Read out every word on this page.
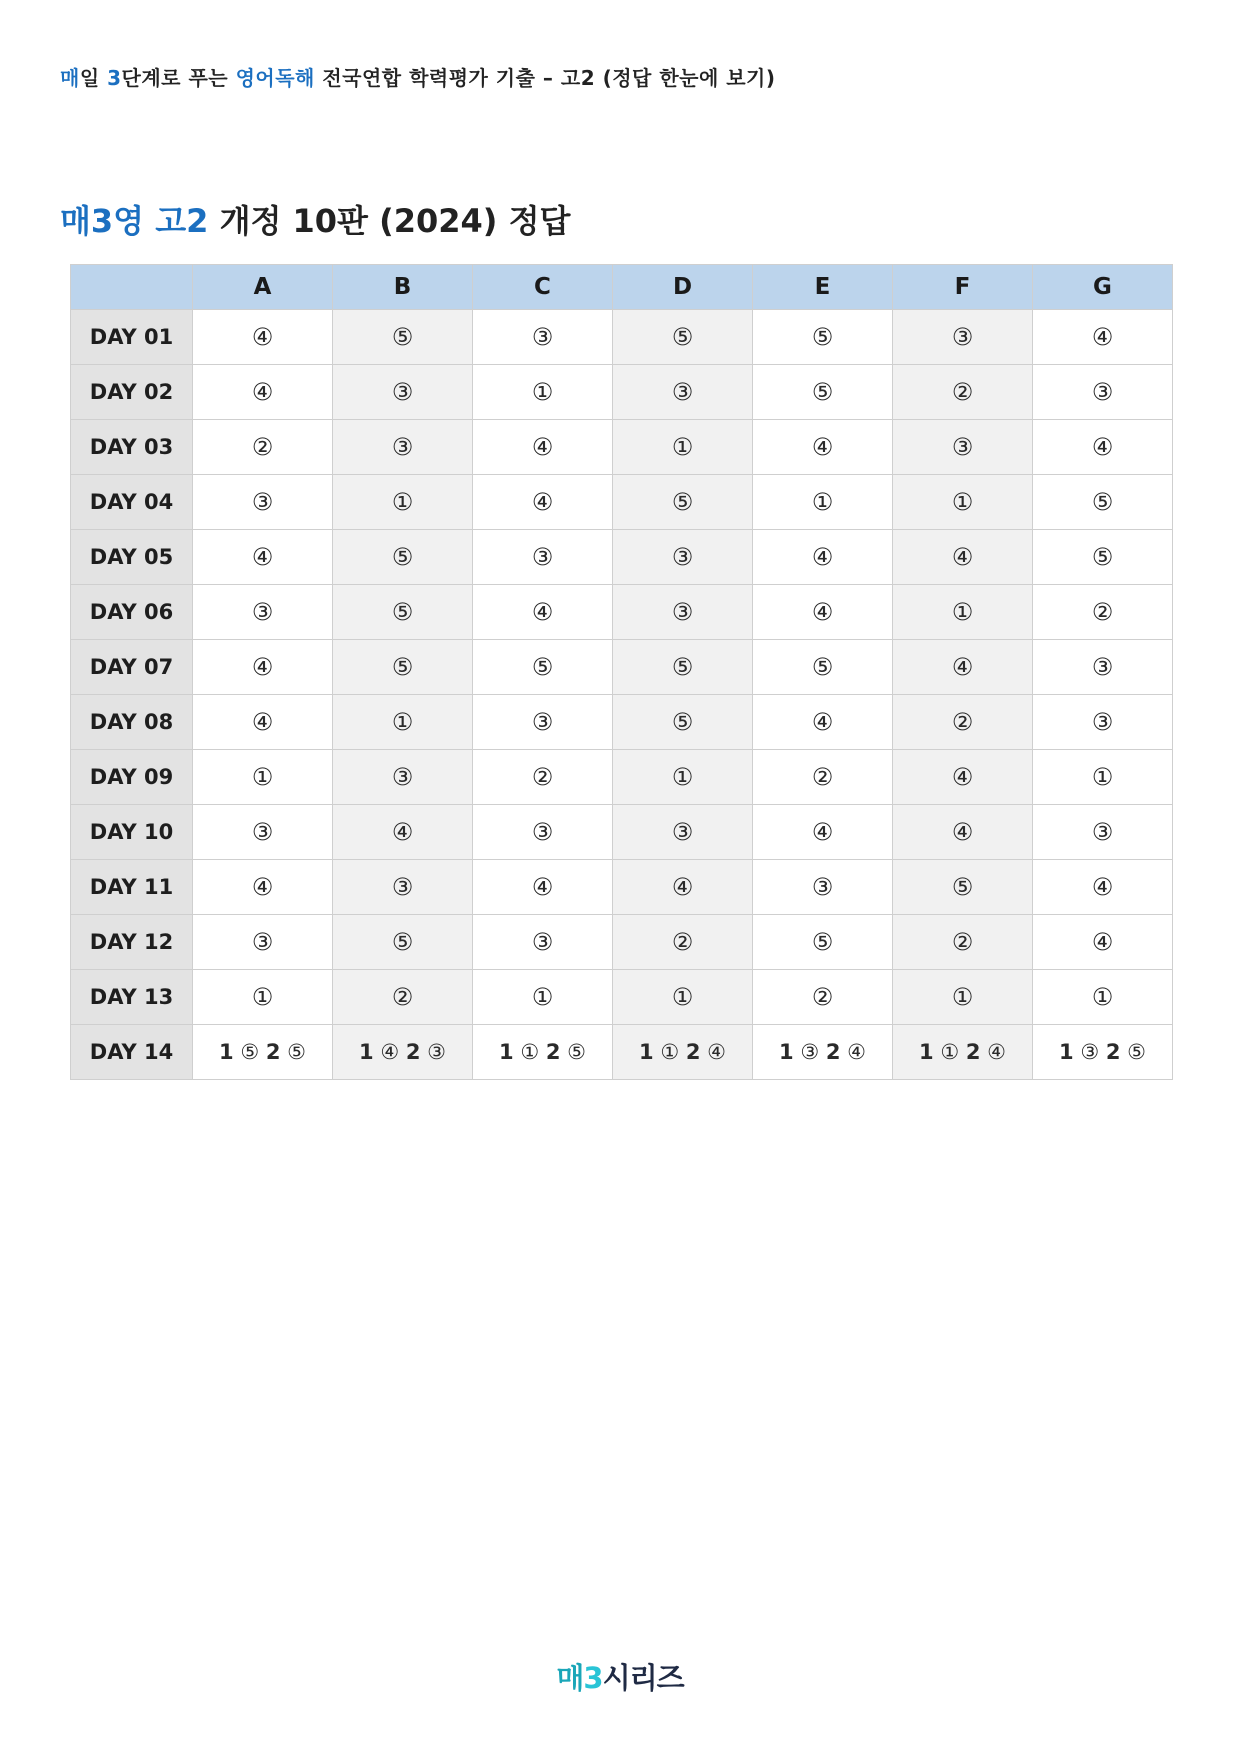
매일 3단계로 푸는 영어독해 전국연합 학력평가 기출 – 고2 (정답 한눈에 보기)
매3영 고2 개정 10판 (2024) 정답
	A	B	C	D	E	F	G
DAY 01	④	⑤	③	⑤	⑤	③	④
DAY 02	④	③	①	③	⑤	②	③
DAY 03	②	③	④	①	④	③	④
DAY 04	③	①	④	⑤	①	①	⑤
DAY 05	④	⑤	③	③	④	④	⑤
DAY 06	③	⑤	④	③	④	①	②
DAY 07	④	⑤	⑤	⑤	⑤	④	③
DAY 08	④	①	③	⑤	④	②	③
DAY 09	①	③	②	①	②	④	①
DAY 10	③	④	③	③	④	④	③
DAY 11	④	③	④	④	③	⑤	④
DAY 12	③	⑤	③	②	⑤	②	④
DAY 13	①	②	①	①	②	①	①
DAY 14	1 ⑤ 2 ⑤	1 ④ 2 ③	1 ① 2 ⑤	1 ① 2 ④	1 ③ 2 ④	1 ① 2 ④	1 ③ 2 ⑤
매3시리즈
